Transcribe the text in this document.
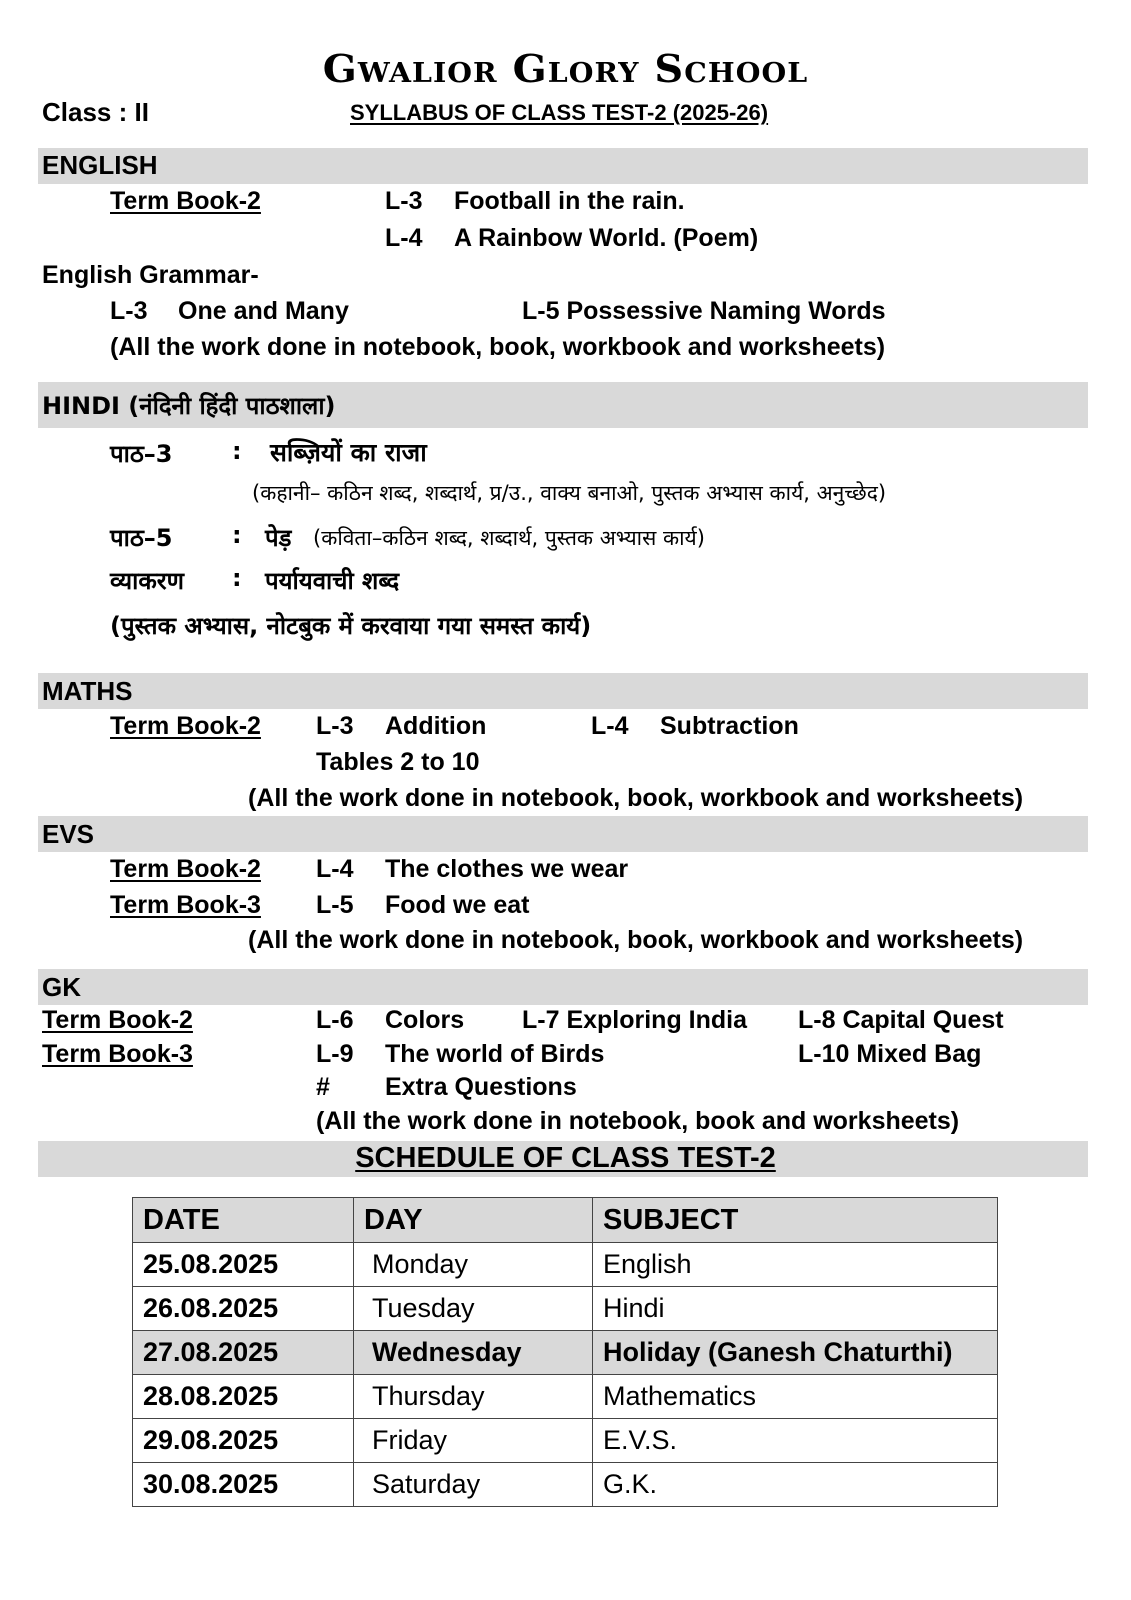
Gwalior Glory School
Class : II	SYLLABUS OF CLASS TEST-2 (2025-26)
ENGLISH
Term Book-2	L-3 Football in the rain.
L-4 A Rainbow World. (Poem)
English Grammar-
L-3 One and Many	L-5 Possessive Naming Words
(All the work done in notebook, book, workbook and worksheets)
HINDI (नंदिनी हिंदी पाठशाला)
पाठ–3 : सब्ज़ियों का राजा
(कहानी– कठिन शब्द, शब्दार्थ, प्र/उ., वाक्य बनाओ, पुस्तक अभ्यास कार्य, अनुच्छेद)
पाठ–5 : पेड़ (कविता–कठिन शब्द, शब्दार्थ, पुस्तक अभ्यास कार्य)
व्याकरण : पर्यायवाची शब्द
(पुस्तक अभ्यास, नोटबुक में करवाया गया समस्त कार्य)
MATHS
Term Book-2 L-3 Addition	L-4 Subtraction
Tables 2 to 10
(All the work done in notebook, book, workbook and worksheets)
EVS
Term Book-2 L-4 The clothes we wear
Term Book-3 L-5 Food we eat
(All the work done in notebook, book, workbook and worksheets)
GK
Term Book-2	L-6 Colors L-7 Exploring India L-8 Capital Quest
Term Book-3	L-9 The world of Birds	L-10 Mixed Bag
# Extra Questions
(All the work done in notebook, book and worksheets)
SCHEDULE OF CLASS TEST-2
DATE	DAY	SUBJECT
25.08.2025	Monday	English
26.08.2025	Tuesday	Hindi
27.08.2025	Wednesday	Holiday (Ganesh Chaturthi)
28.08.2025	Thursday	Mathematics
29.08.2025	Friday	E.V.S.
30.08.2025	Saturday	G.K.
